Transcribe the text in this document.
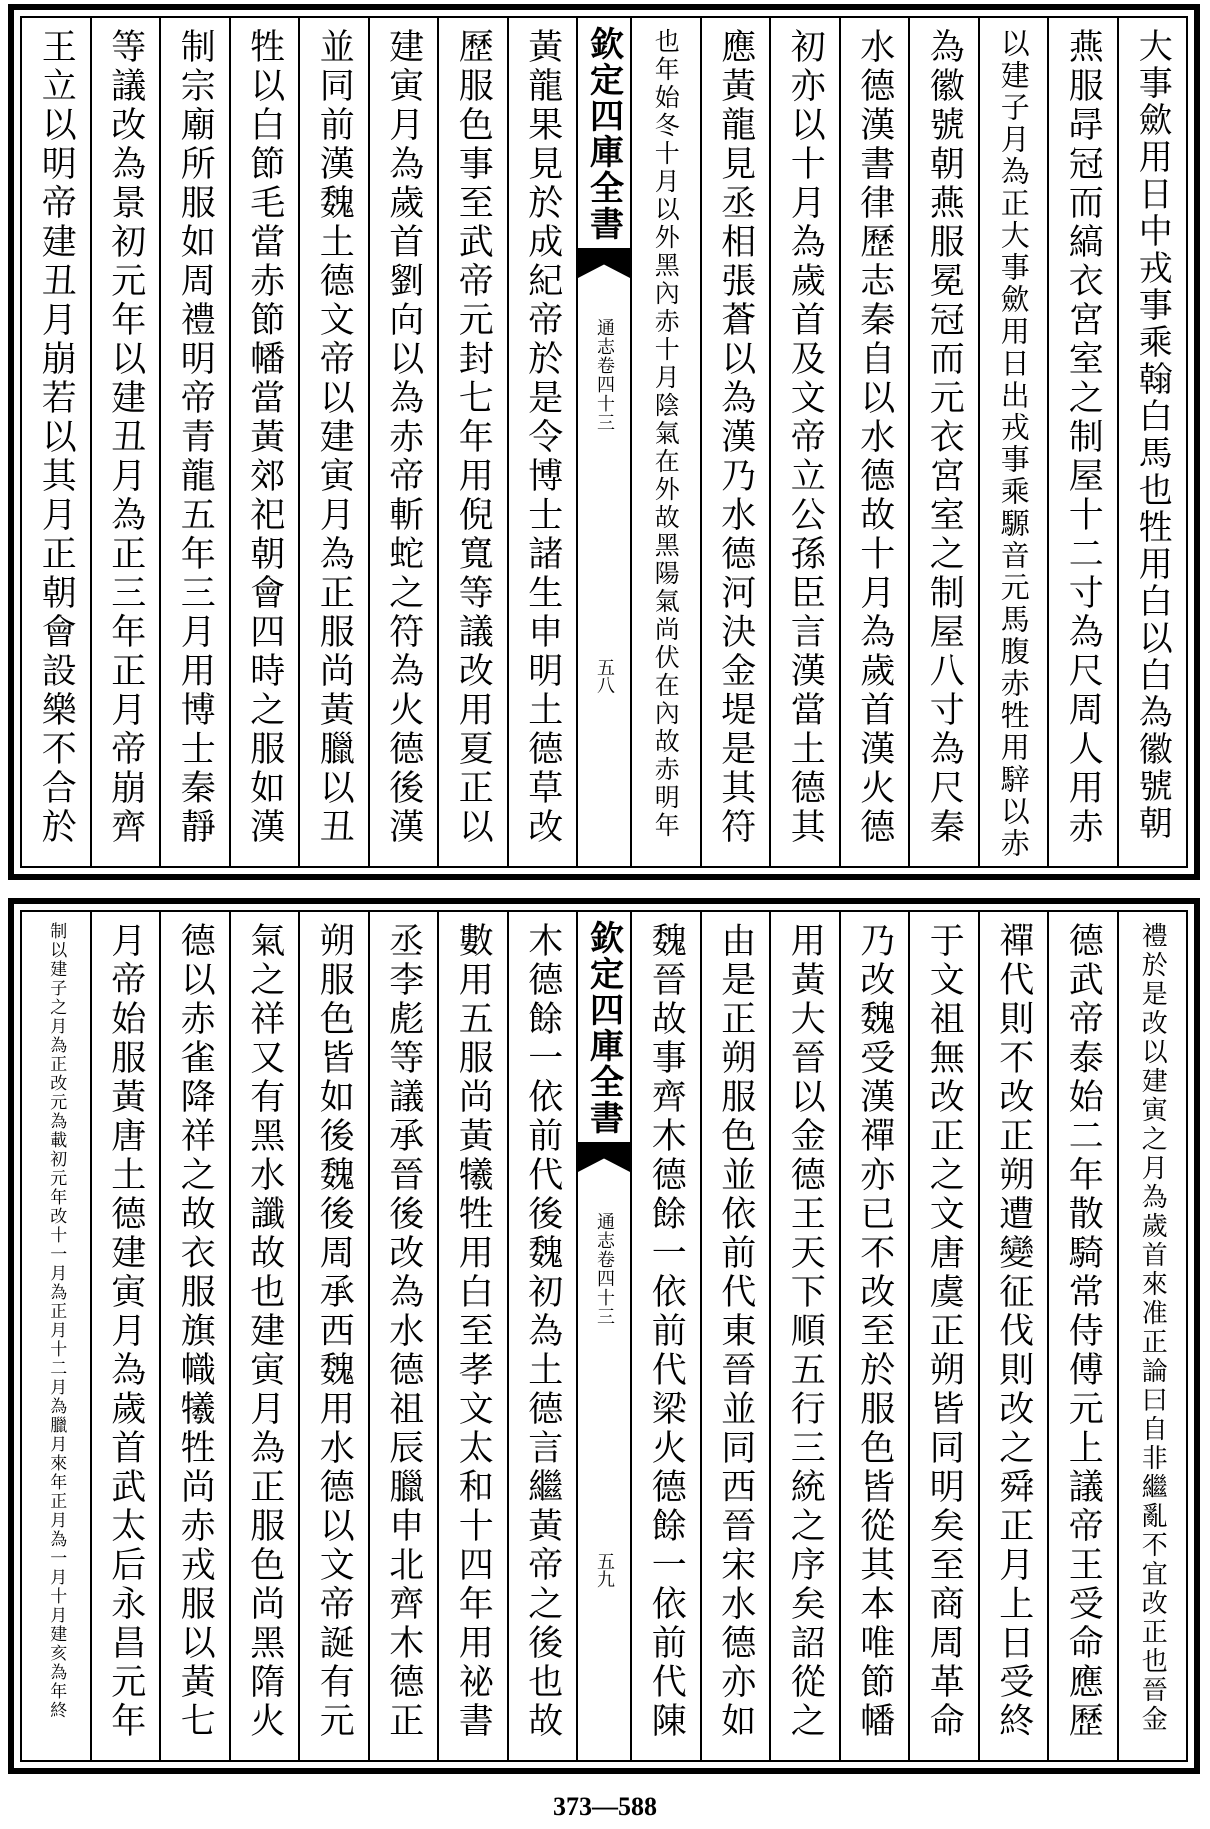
大事歛用日中戎事乘翰白馬也牲用白以白為徽號朝
燕服冔冠而縞衣宮室之制屋十二寸為尺周人用赤
以建子月為正大事歛用日出戎事乘騵音元馬腹赤牲用騂以赤
為徽號朝燕服冕冠而元衣宮室之制屋八寸為尺秦
水德漢書律歷志秦自以水德故十月為歲首漢火德
初亦以十月為歲首及文帝立公孫臣言漢當土德其
應黃龍見丞相張蒼以為漢乃水德河決金堤是其符
也年始冬十月以外黑內赤十月陰氣在外故黑陽氣尚伏在內故赤明年
欽定四庫全書
通志卷四十三
五八
黃龍果見於成紀帝於是令博士諸生申明土德草改
歷服色事至武帝元封七年用倪寬等議改用夏正以
建寅月為歲首劉向以為赤帝斬蛇之符為火德後漢
並同前漢魏土德文帝以建寅月為正服尚黃臘以丑
牲以白節毛當赤節幡當黃郊祀朝會四時之服如漢
制宗廟所服如周禮明帝青龍五年三月用博士秦靜
等議改為景初元年以建丑月為正三年正月帝崩齊
王立以明帝建丑月崩若以其月正朝會設樂不合於
禮於是改以建寅之月為歲首來准正論曰自非繼亂不宜改正也晉金
德武帝泰始二年散騎常侍傅元上議帝王受命應歷
禪代則不改正朔遭變征伐則改之舜正月上日受終
于文祖無改正之文唐虞正朔皆同明矣至商周革命
乃改魏受漢禪亦已不改至於服色皆從其本唯節幡
用黃大晉以金德王天下順五行三統之序矣詔從之
由是正朔服色並依前代東晉並同西晉宋水德亦如
魏晉故事齊木德餘一依前代梁火德餘一依前代陳
欽定四庫全書
通志卷四十三
五九
木德餘一依前代後魏初為土德言繼黃帝之後也故
數用五服尚黃犧牲用白至孝文太和十四年用祕書
丞李彪等議承晉後改為水德祖辰臘申北齊木德正
朔服色皆如後魏後周承西魏用水德以文帝誕有元
氣之祥又有黑水讖故也建寅月為正服色尚黑隋火
德以赤雀降祥之故衣服旗幟犧牲尚赤戎服以黃七
月帝始服黃唐土德建寅月為歲首武太后永昌元年
制以建子之月為正改元為載初元年改十一月為正月十二月為臘月來年正月為一月十月建亥為年終
373—588
